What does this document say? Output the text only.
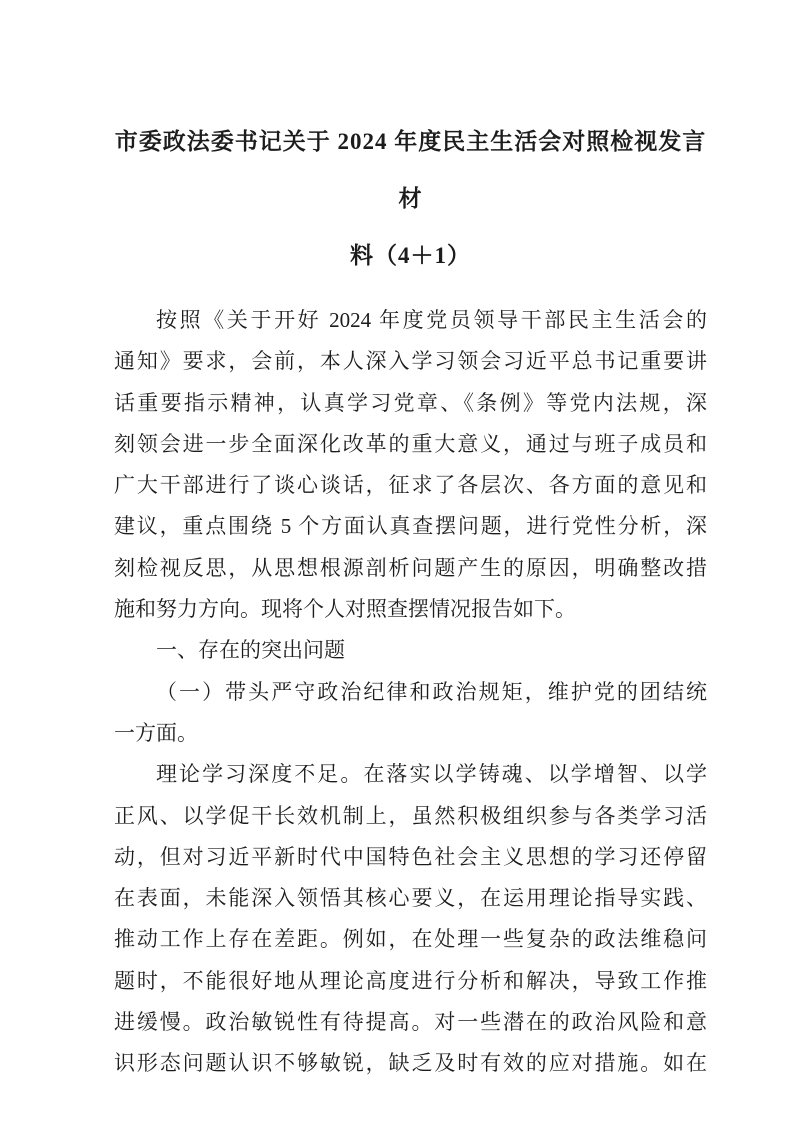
市委政法委书记关于 2024 年度民主生活会对照检视发言材
料（4＋1）
按照《关于开好 2024 年度党员领导干部民主生活会的
通知》要求，会前，本人深入学习领会习近平总书记重要讲
话重要指示精神，认真学习党章、《条例》等党内法规，深
刻领会进一步全面深化改革的重大意义，通过与班子成员和
广大干部进行了谈心谈话，征求了各层次、各方面的意见和
建议，重点围绕 5 个方面认真查摆问题，进行党性分析，深
刻检视反思，从思想根源剖析问题产生的原因，明确整改措
施和努力方向。现将个人对照查摆情况报告如下。
一、存在的突出问题
（一）带头严守政治纪律和政治规矩，维护党的团结统
一方面。
理论学习深度不足。在落实以学铸魂、以学增智、以学
正风、以学促干长效机制上，虽然积极组织参与各类学习活
动，但对习近平新时代中国特色社会主义思想的学习还停留
在表面，未能深入领悟其核心要义，在运用理论指导实践、
推动工作上存在差距。例如，在处理一些复杂的政法维稳问
题时，不能很好地从理论高度进行分析和解决，导致工作推
进缓慢。政治敏锐性有待提高。对一些潜在的政治风险和意
识形态问题认识不够敏锐，缺乏及时有效的应对措施。如在
